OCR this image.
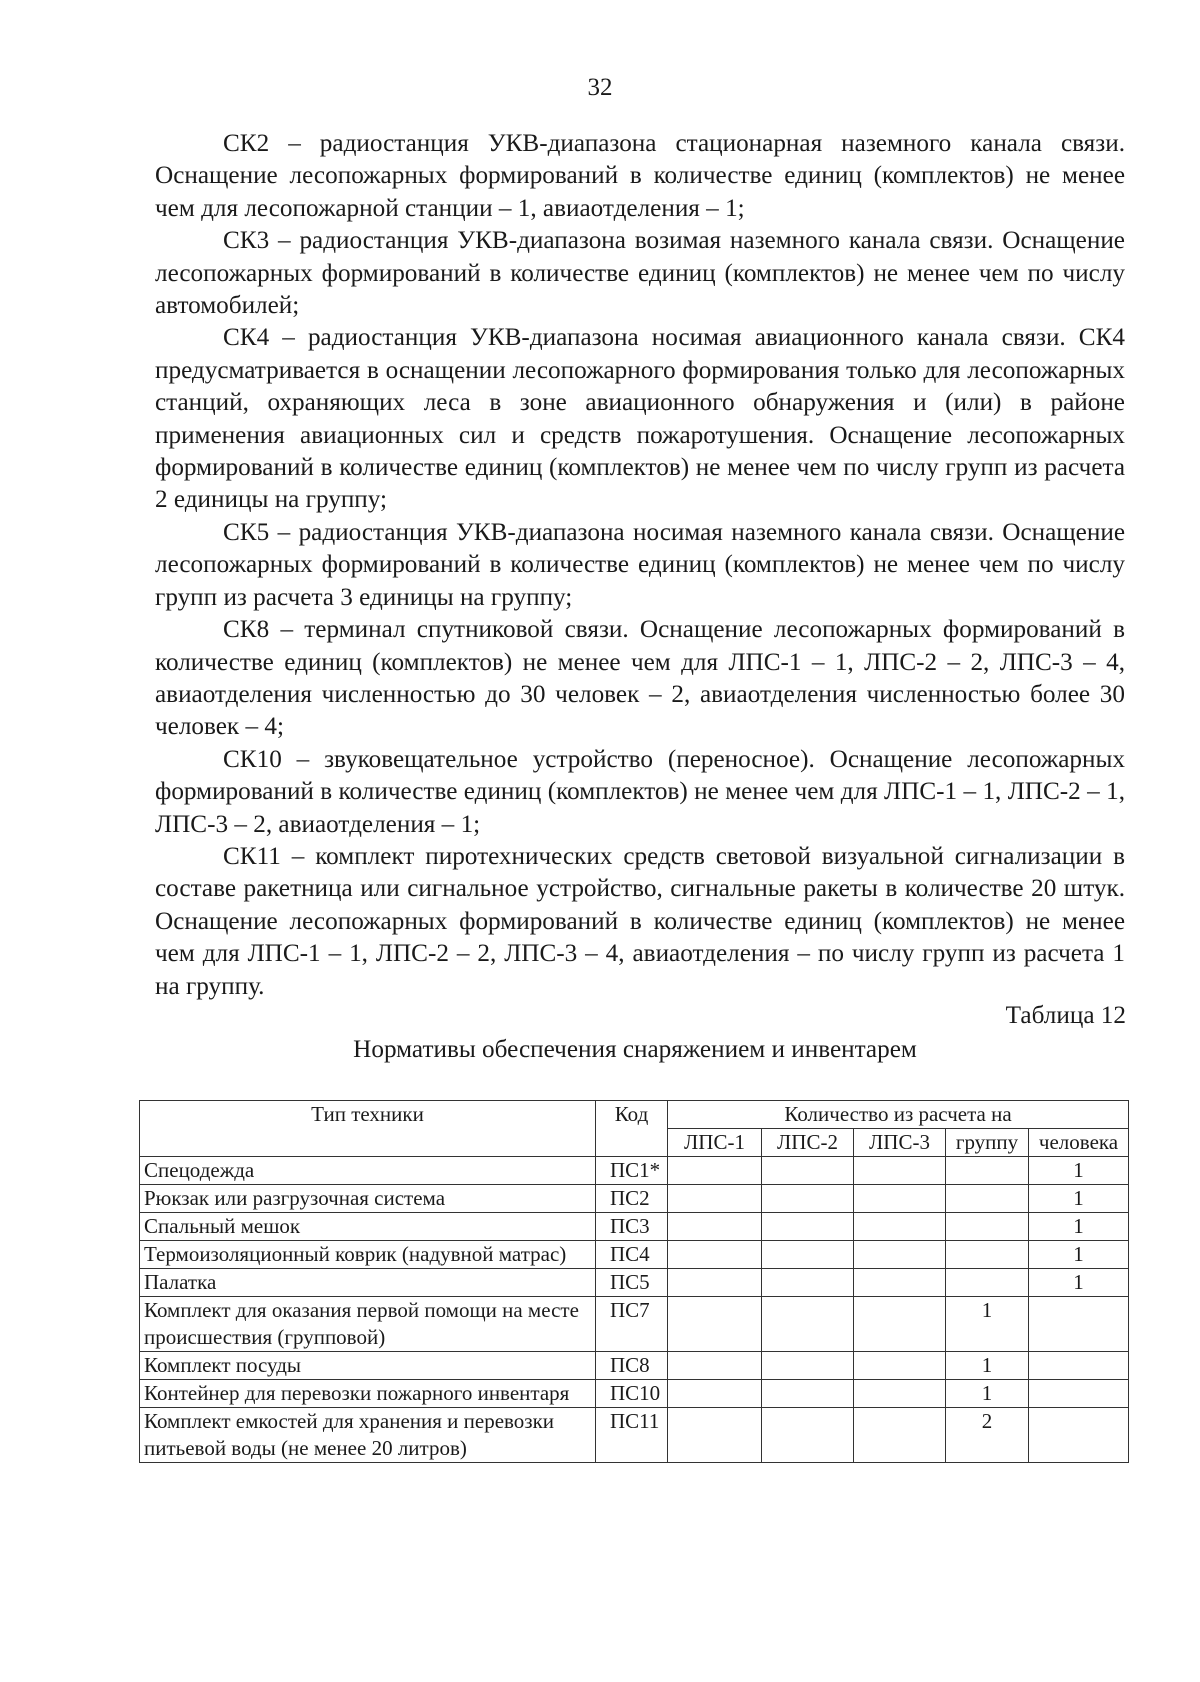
32

СК2 – радиостанция УКВ-диапазона стационарная наземного канала связи. Оснащение лесопожарных формирований в количестве единиц (комплектов) не менее чем для лесопожарной станции – 1, авиаотделения – 1;

СК3 – радиостанция УКВ-диапазона возимая наземного канала связи. Оснащение лесопожарных формирований в количестве единиц (комплектов) не менее чем по числу автомобилей;

СК4 – радиостанция УКВ-диапазона носимая авиационного канала связи. СК4 предусматривается в оснащении лесопожарного формирования только для лесопожарных станций, охраняющих леса в зоне авиационного обнаружения и (или) в районе применения авиационных сил и средств пожаротушения. Оснащение лесопожарных формирований в количестве единиц (комплектов) не менее чем по числу групп из расчета 2 единицы на группу;

СК5 – радиостанция УКВ-диапазона носимая наземного канала связи. Оснащение лесопожарных формирований в количестве единиц (комплектов) не менее чем по числу групп из расчета 3 единицы на группу;

СК8 – терминал спутниковой связи. Оснащение лесопожарных формирований в количестве единиц (комплектов) не менее чем для ЛПС-1 – 1, ЛПС-2 – 2, ЛПС-3 – 4, авиаотделения численностью до 30 человек – 2, авиаотделения численностью более 30 человек – 4;

СК10 – звуковещательное устройство (переносное). Оснащение лесопожарных формирований в количестве единиц (комплектов) не менее чем для ЛПС-1 – 1, ЛПС-2 – 1, ЛПС-3 – 2, авиаотделения – 1;

СК11 – комплект пиротехнических средств световой визуальной сигнализации в составе ракетница или сигнальное устройство, сигнальные ракеты в количестве 20 штук. Оснащение лесопожарных формирований в количестве единиц (комплектов) не менее чем для ЛПС-1 – 1, ЛПС-2 – 2, ЛПС-3 – 4, авиаотделения – по числу групп из расчета 1 на группу.

Таблица 12
Нормативы обеспечения снаряжением и инвентарем
Тип техники	Код	Количество из расчета на				
		ЛПС-1	ЛПС-2	ЛПС-3	группу	человека
Спецодежда	ПС1*					1
Рюкзак или разгрузочная система	ПС2					1
Спальный мешок	ПС3					1
Термоизоляционный коврик (надувной матрас)	ПС4					1
Палатка	ПС5					1
Комплект для оказания первой помощи на месте происшествия (групповой)	ПС7				1	
Комплект посуды	ПС8				1	
Контейнер для перевозки пожарного инвентаря	ПС10				1	
Комплект емкостей для хранения и перевозки питьевой воды (не менее 20 литров)	ПС11				2	
